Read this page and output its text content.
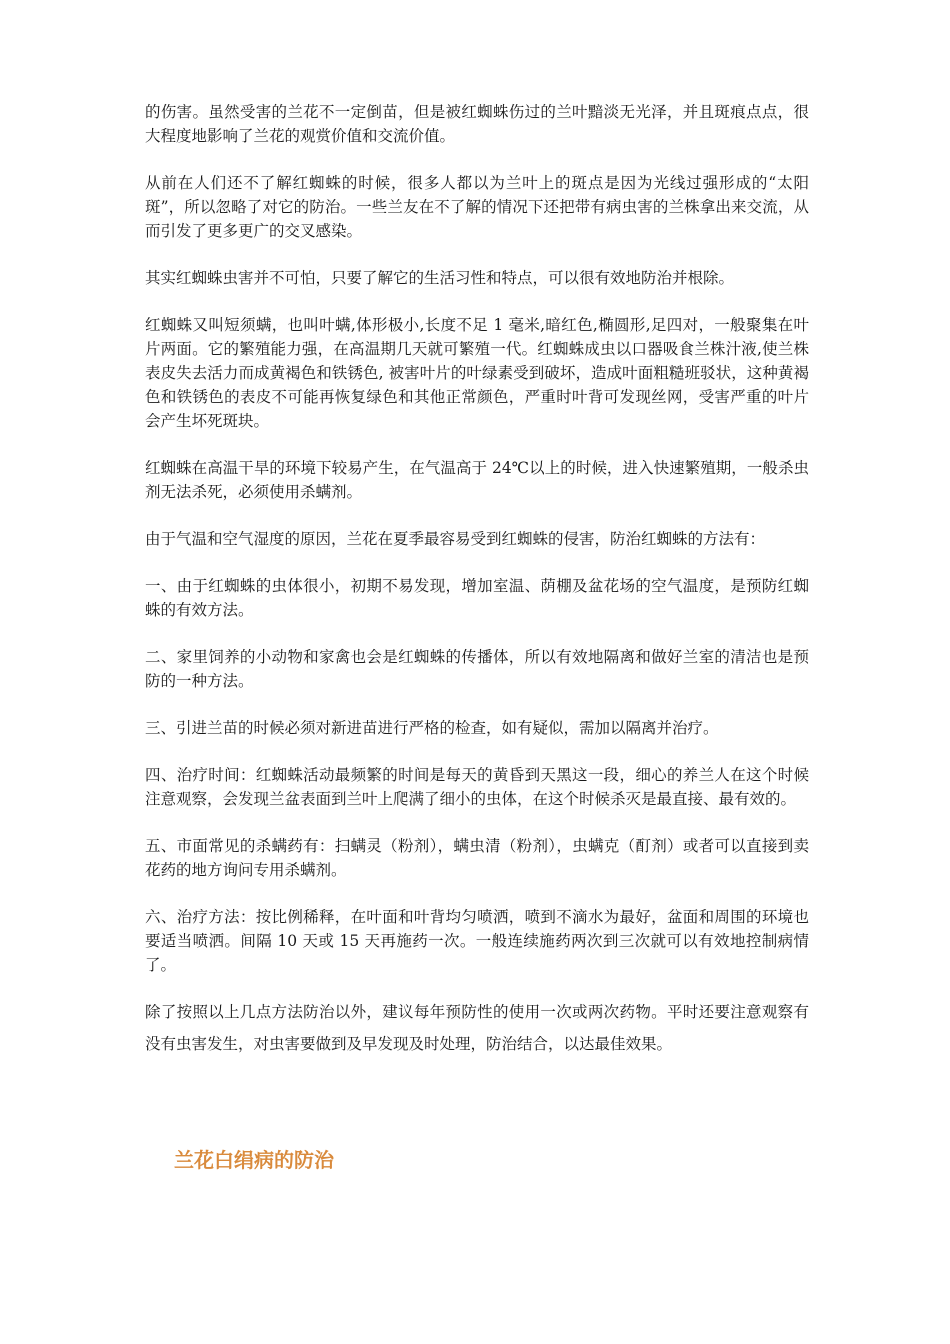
的伤害。虽然受害的兰花不一定倒苗，但是被红蜘蛛伤过的兰叶黯淡无光泽，并且斑痕点点，很大程度地影响了兰花的观赏价值和交流价值。

从前在人们还不了解红蜘蛛的时候，很多人都以为兰叶上的斑点是因为光线过强形成的“太阳斑”，所以忽略了对它的防治。一些兰友在不了解的情况下还把带有病虫害的兰株拿出来交流，从而引发了更多更广的交叉感染。

其实红蜘蛛虫害并不可怕，只要了解它的生活习性和特点，可以很有效地防治并根除。

红蜘蛛又叫短须螨，也叫叶螨,体形极小,长度不足 1 毫米,暗红色,椭圆形,足四对，一般聚集在叶片两面。它的繁殖能力强，在高温期几天就可繁殖一代。红蜘蛛成虫以口器吸食兰株汁液,使兰株表皮失去活力而成黄褐色和铁锈色, 被害叶片的叶绿素受到破坏，造成叶面粗糙班驳状，这种黄褐色和铁锈色的表皮不可能再恢复绿色和其他正常颜色，严重时叶背可发现丝网，受害严重的叶片会产生坏死斑块。

红蜘蛛在高温干旱的环境下较易产生，在气温高于 24℃以上的时候，进入快速繁殖期，一般杀虫剂无法杀死，必须使用杀螨剂。

由于气温和空气湿度的原因，兰花在夏季最容易受到红蜘蛛的侵害，防治红蜘蛛的方法有：

一、由于红蜘蛛的虫体很小，初期不易发现，增加室温、荫棚及盆花场的空气温度，是预防红蜘蛛的有效方法。

二、家里饲养的小动物和家禽也会是红蜘蛛的传播体，所以有效地隔离和做好兰室的清洁也是预防的一种方法。

三、引进兰苗的时候必须对新进苗进行严格的检查，如有疑似，需加以隔离并治疗。

四、治疗时间：红蜘蛛活动最频繁的时间是每天的黄昏到天黑这一段，细心的养兰人在这个时候注意观察，会发现兰盆表面到兰叶上爬满了细小的虫体，在这个时候杀灭是最直接、最有效的。

五、市面常见的杀螨药有：扫螨灵（粉剂），螨虫清（粉剂），虫螨克（酊剂）或者可以直接到卖花药的地方询问专用杀螨剂。

六、治疗方法：按比例稀释，在叶面和叶背均匀喷洒，喷到不滴水为最好，盆面和周围的环境也要适当喷洒。间隔 10 天或 15 天再施药一次。一般连续施药两次到三次就可以有效地控制病情了。

除了按照以上几点方法防治以外，建议每年预防性的使用一次或两次药物。平时还要注意观察有没有虫害发生，对虫害要做到及早发现及时处理，防治结合，以达最佳效果。

兰花白绢病的防治
